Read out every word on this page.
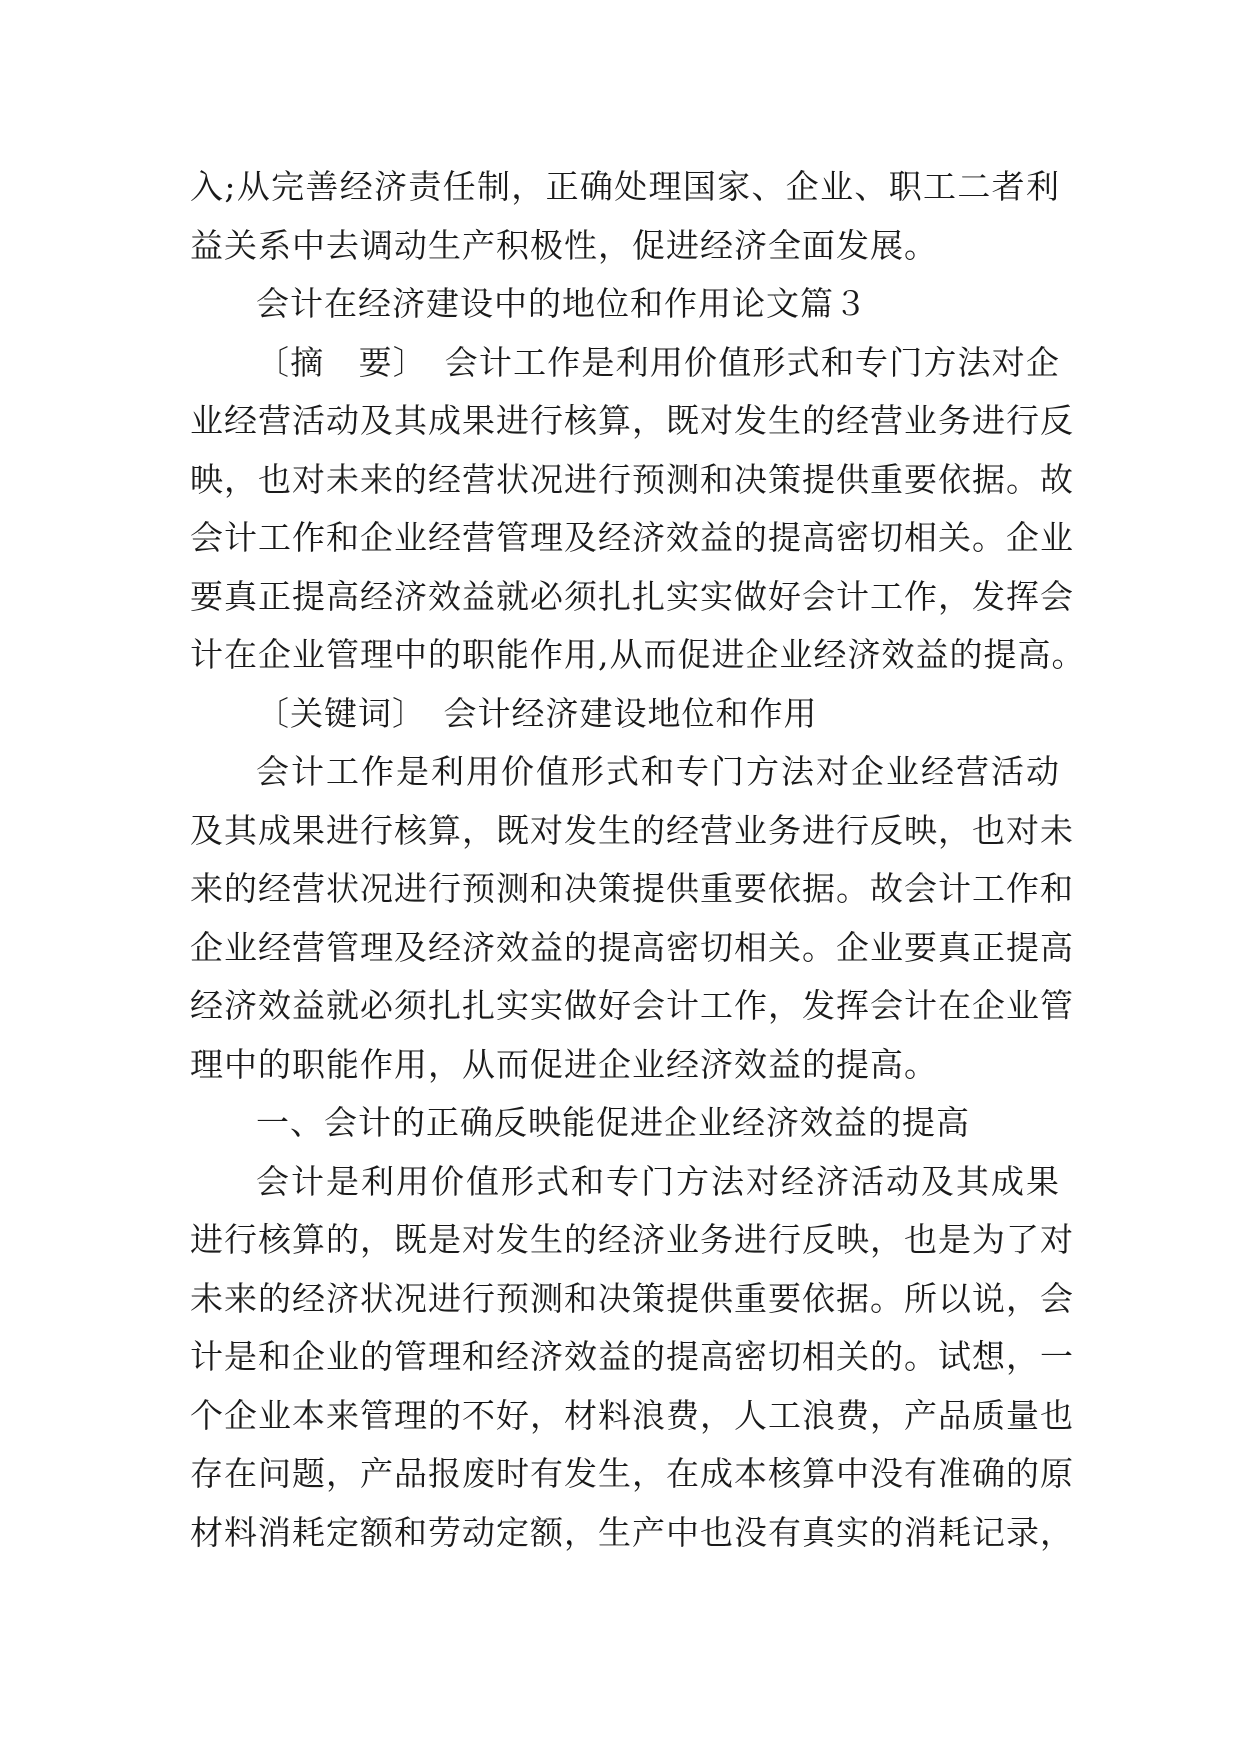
入;从完善经济责任制，正确处理国家、企业、职工二者利
益关系中去调动生产积极性，促进经济全面发展。
会计在经济建设中的地位和作用论文篇３
〔摘　要〕　会计工作是利用价值形式和专门方法对企
业经营活动及其成果进行核算，既对发生的经营业务进行反
映，也对未来的经营状况进行预测和决策提供重要依据。故
会计工作和企业经营管理及经济效益的提高密切相关。企业
要真正提高经济效益就必须扎扎实实做好会计工作，发挥会
计在企业管理中的职能作用,从而促进企业经济效益的提高。
〔关键词〕　会计经济建设地位和作用
会计工作是利用价值形式和专门方法对企业经营活动
及其成果进行核算，既对发生的经营业务进行反映，也对未
来的经营状况进行预测和决策提供重要依据。故会计工作和
企业经营管理及经济效益的提高密切相关。企业要真正提高
经济效益就必须扎扎实实做好会计工作，发挥会计在企业管
理中的职能作用，从而促进企业经济效益的提高。
一、会计的正确反映能促进企业经济效益的提高
会计是利用价值形式和专门方法对经济活动及其成果
进行核算的，既是对发生的经济业务进行反映，也是为了对
未来的经济状况进行预测和决策提供重要依据。所以说，会
计是和企业的管理和经济效益的提高密切相关的。试想，一
个企业本来管理的不好，材料浪费，人工浪费，产品质量也
存在问题，产品报废时有发生，在成本核算中没有准确的原
材料消耗定额和劳动定额，生产中也没有真实的消耗记录，
